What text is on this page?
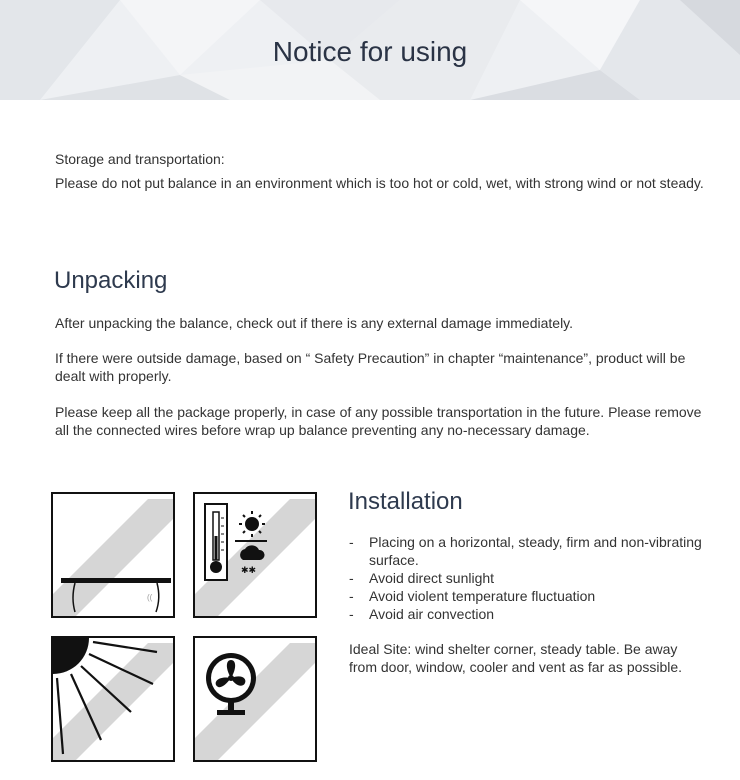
Notice for using
Storage and transportation:
Please do not put balance in an environment which is too hot or cold, wet, with strong wind or not steady.
Unpacking
After unpacking the balance, check out if there is any external damage immediately.
If there were outside damage, based on “ Safety Precaution” in chapter “maintenance”, product will be dealt with properly.
Please keep all the package properly, in case of any possible transportation in the future. Please remove all the connected wires before wrap up balance preventing any no-necessary damage.
((
✱✱
Installation
- Placing on a horizontal, steady, firm and non-vibrating surface.
- Avoid direct sunlight
- Avoid violent temperature fluctuation
- Avoid air convection
Ideal Site: wind shelter corner, steady table. Be away from door, window, cooler and vent as far as possible.
